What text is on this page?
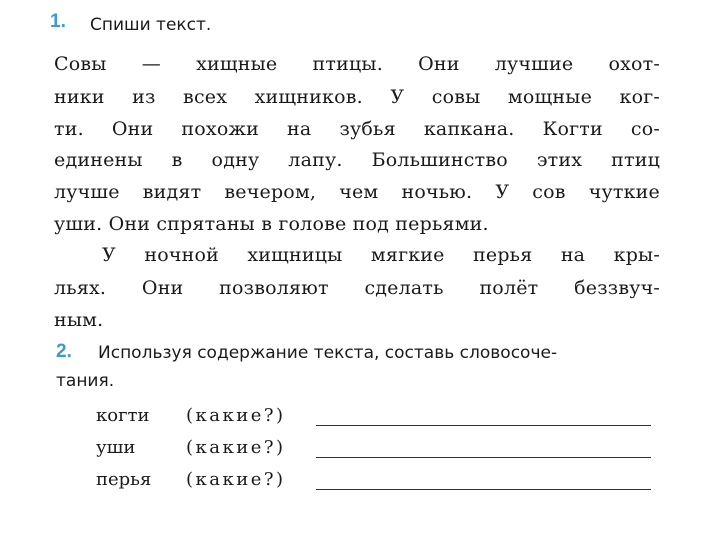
1. Спиши текст.
Совы — хищные птицы. Они лучшие охот-
ники из всех хищников. У совы мощные ког-
ти. Они похожи на зубья капкана. Когти со-
единены в одну лапу. Большинство этих птиц
лучше видят вечером, чем ночью. У сов чуткие
уши. Они спрятаны в голове под перьями.
У ночной хищницы мягкие перья на кры-
льях. Они позволяют сделать полёт беззвуч-
ным.
2. Используя содержание текста, составь словосоче-
тания.
когти (какие?)
уши	(какие?)
перья (какие?)
